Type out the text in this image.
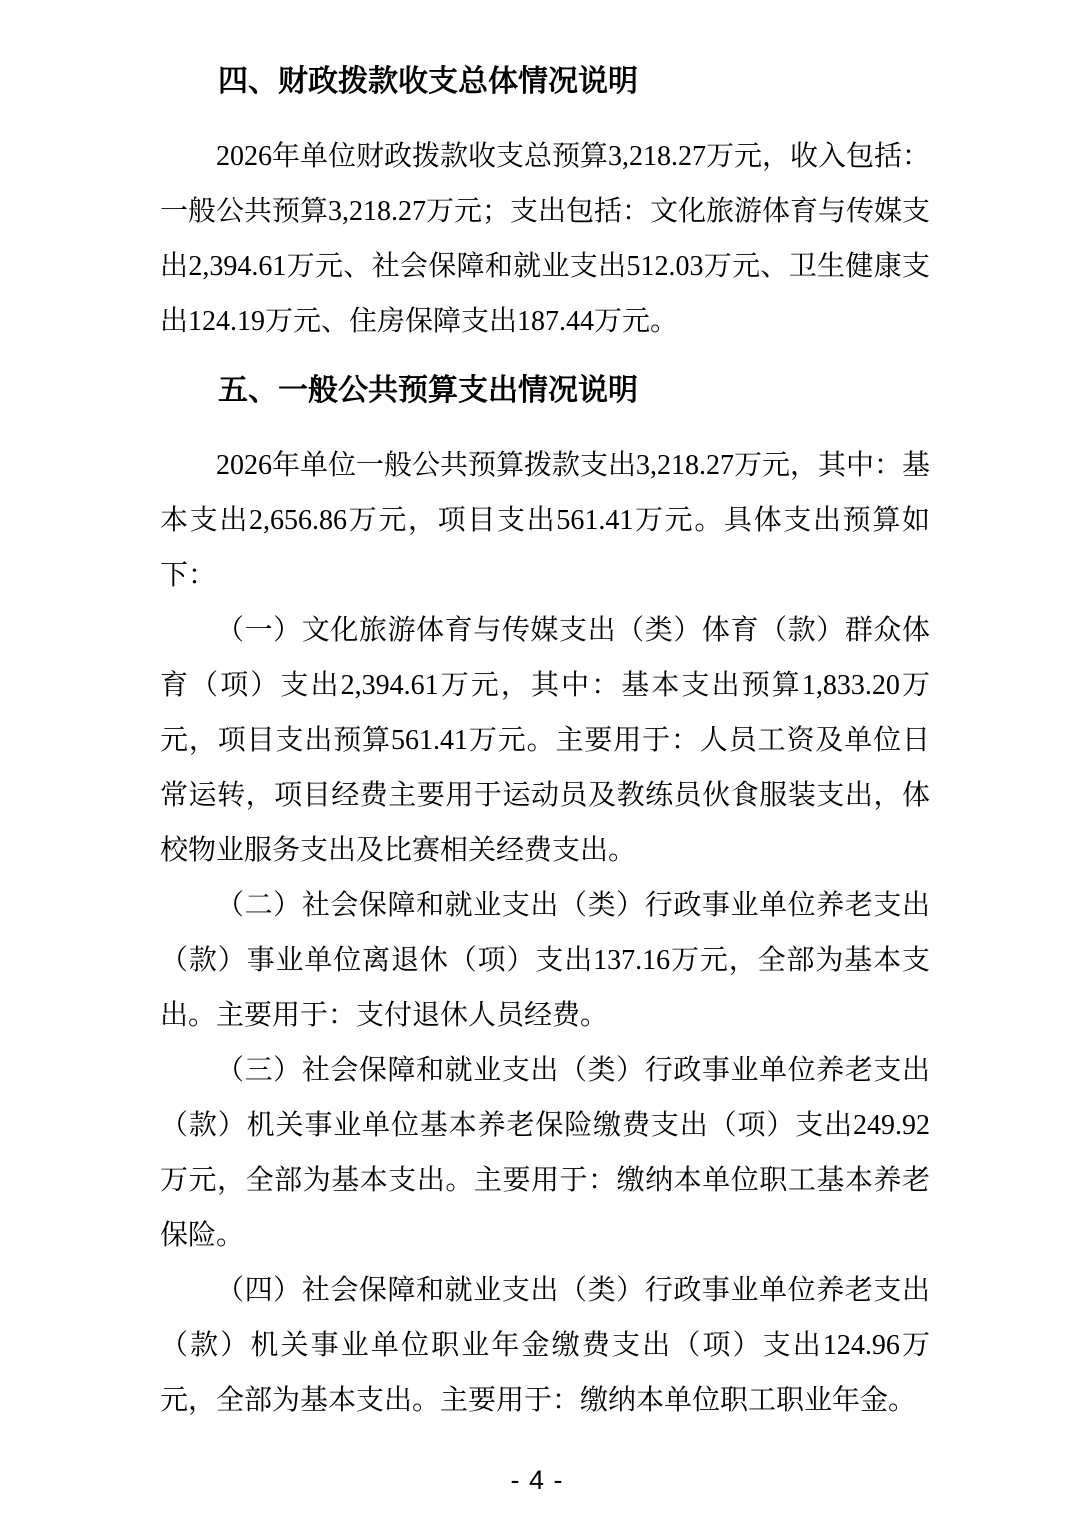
四、财政拨款收支总体情况说明

2026年单位财政拨款收支总预算3,218.27万元，收入包括：一般公共预算3,218.27万元；支出包括：文化旅游体育与传媒支出2,394.61万元、社会保障和就业支出512.03万元、卫生健康支出124.19万元、住房保障支出187.44万元。

五、一般公共预算支出情况说明

2026年单位一般公共预算拨款支出3,218.27万元，其中：基本支出2,656.86万元，项目支出561.41万元。具体支出预算如下：

（一）文化旅游体育与传媒支出（类）体育（款）群众体育（项）支出2,394.61万元，其中：基本支出预算1,833.20万元，项目支出预算561.41万元。主要用于：人员工资及单位日常运转，项目经费主要用于运动员及教练员伙食服装支出，体校物业服务支出及比赛相关经费支出。

（二）社会保障和就业支出（类）行政事业单位养老支出（款）事业单位离退休（项）支出137.16万元，全部为基本支出。主要用于：支付退休人员经费。

（三）社会保障和就业支出（类）行政事业单位养老支出（款）机关事业单位基本养老保险缴费支出（项）支出249.92万元，全部为基本支出。主要用于：缴纳本单位职工基本养老保险。

（四）社会保障和就业支出（类）行政事业单位养老支出（款）机关事业单位职业年金缴费支出（项）支出124.96万元，全部为基本支出。主要用于：缴纳本单位职工职业年金。

- 4 -
